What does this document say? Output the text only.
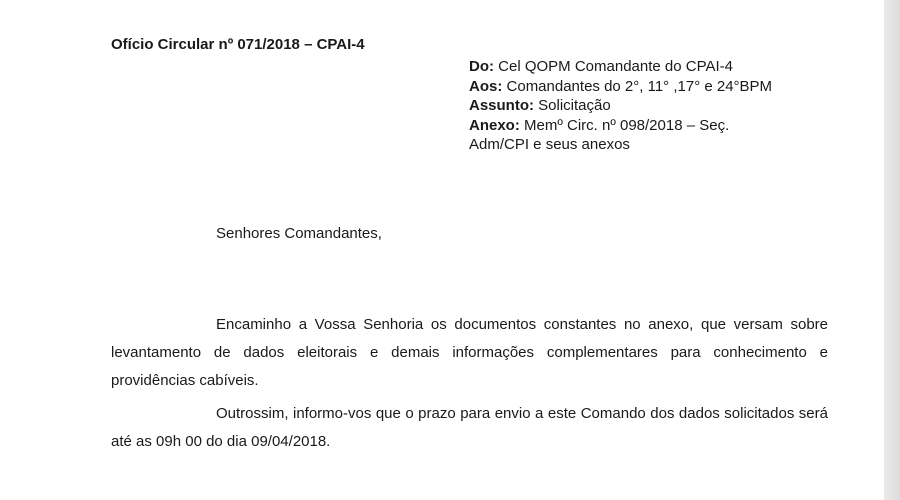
Ofício Circular nº 071/2018 – CPAI-4
Do: Cel QOPM Comandante do CPAI-4
Aos: Comandantes do 2°, 11° ,17° e 24°BPM
Assunto: Solicitação
Anexo: Memº Circ. nº 098/2018 – Seç.
Adm/CPI e seus anexos
Senhores Comandantes,
Encaminho a Vossa Senhoria os documentos constantes no anexo, que versam sobre levantamento de dados eleitorais e demais informações complementares para conhecimento e providências cabíveis.
Outrossim, informo-vos que o prazo para envio a este Comando dos dados solicitados será até as 09h 00 do dia 09/04/2018.
